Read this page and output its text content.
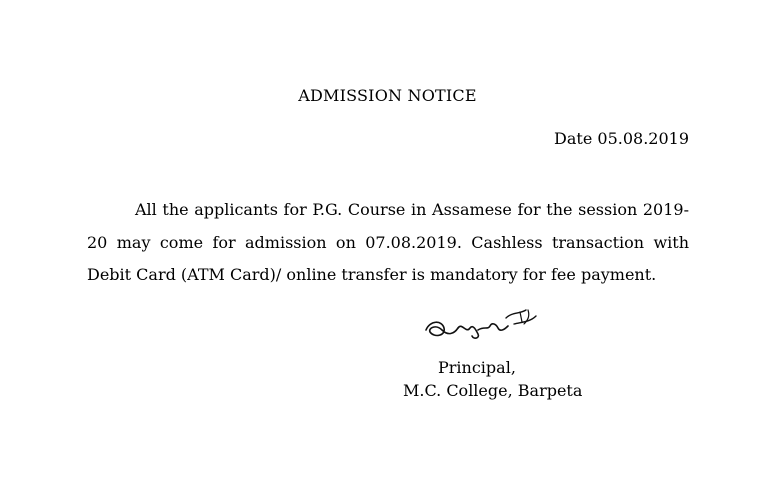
ADMISSION NOTICE
Date 05.08.2019
All the applicants for P.G. Course in Assamese for the session 2019-20 may come for admission on 07.08.2019. Cashless transaction with Debit Card (ATM Card)/ online transfer is mandatory for fee payment.
Principal,
M.C. College, Barpeta
